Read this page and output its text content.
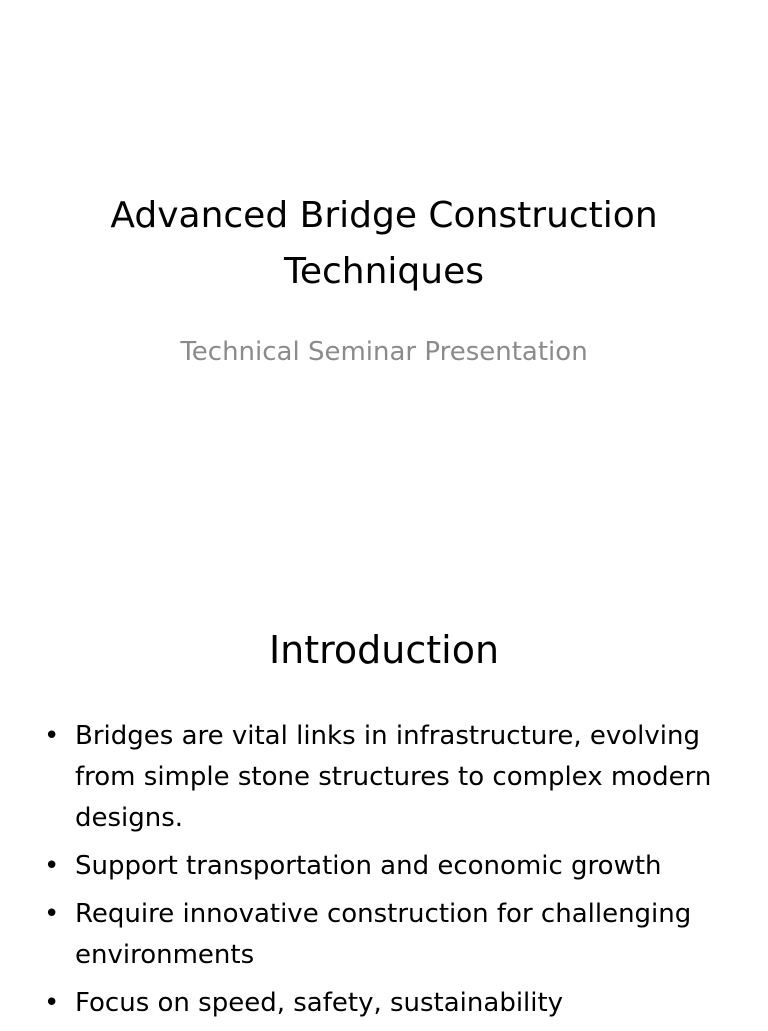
Advanced Bridge Construction Techniques

Technical Seminar Presentation

Introduction
• Bridges are vital links in infrastructure, evolving from simple stone structures to complex modern designs.
• Support transportation and economic growth
• Require innovative construction for challenging environments
• Focus on speed, safety, sustainability
